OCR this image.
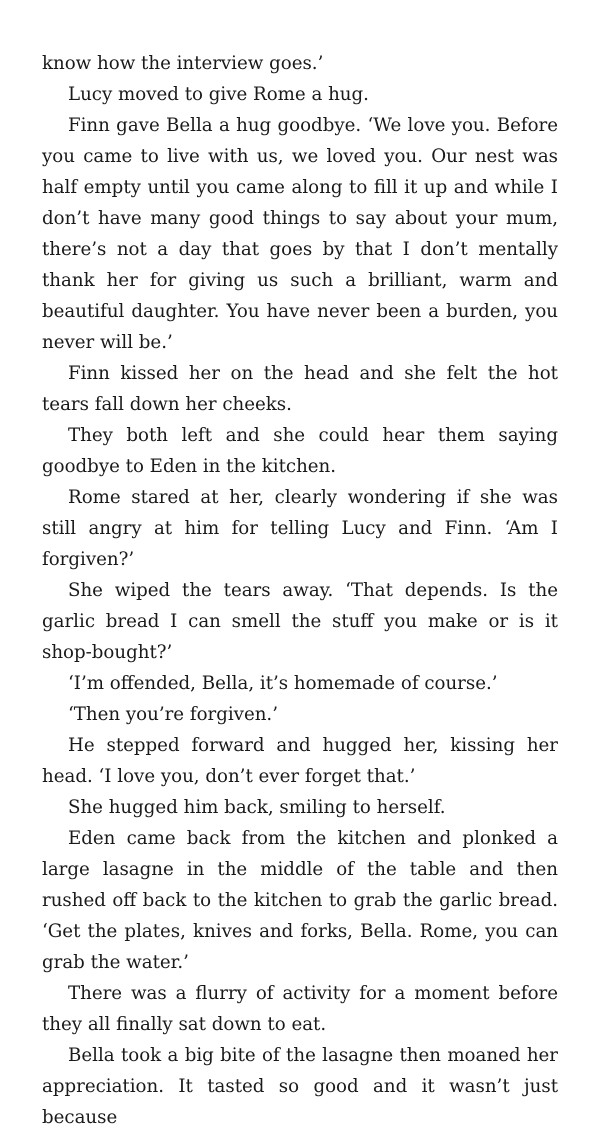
know how the interview goes.’

Lucy moved to give Rome a hug.

Finn gave Bella a hug goodbye. ‘We love you. Before you came to live with us, we loved you. Our nest was half empty until you came along to fill it up and while I don’t have many good things to say about your mum, there’s not a day that goes by that I don’t mentally thank her for giving us such a brilliant, warm and beautiful daughter. You have never been a burden, you never will be.’

Finn kissed her on the head and she felt the hot tears fall down her cheeks.

They both left and she could hear them saying goodbye to Eden in the kitchen.

Rome stared at her, clearly wondering if she was still angry at him for telling Lucy and Finn. ‘Am I forgiven?’

She wiped the tears away. ‘That depends. Is the garlic bread I can smell the stuff you make or is it shop-bought?’

‘I’m offended, Bella, it’s homemade of course.’

‘Then you’re forgiven.’

He stepped forward and hugged her, kissing her head. ‘I love you, don’t ever forget that.’

She hugged him back, smiling to herself.

Eden came back from the kitchen and plonked a large lasagne in the middle of the table and then rushed off back to the kitchen to grab the garlic bread. ‘Get the plates, knives and forks, Bella. Rome, you can grab the water.’

There was a flurry of activity for a moment before they all finally sat down to eat.

Bella took a big bite of the lasagne then moaned her appreciation. It tasted so good and it wasn’t just because
